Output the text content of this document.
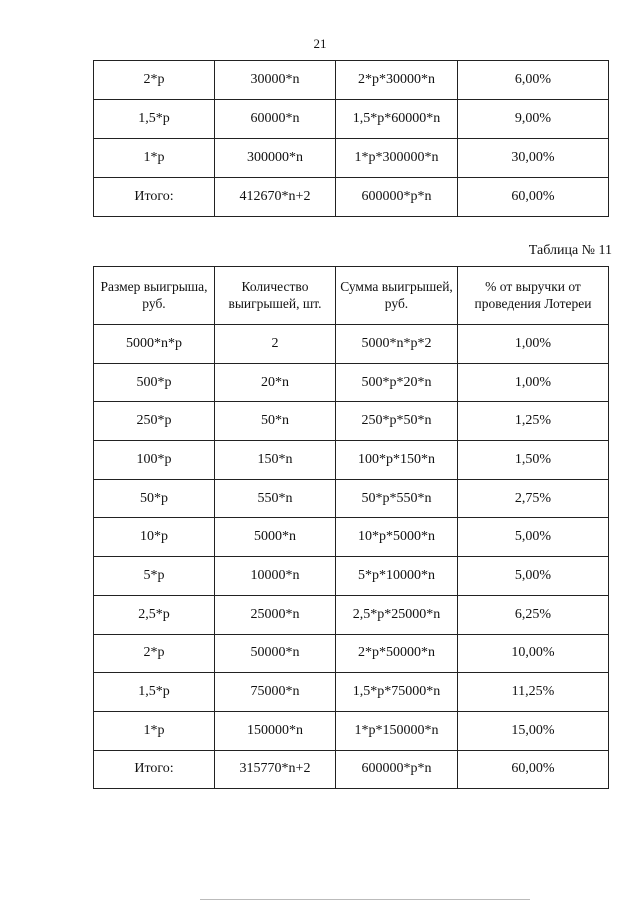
21
2*p	30000*n	2*p*30000*n	6,00%
1,5*p	60000*n	1,5*p*60000*n	9,00%
1*p	300000*n	1*p*300000*n	30,00%
Итого:	412670*n+2	600000*p*n	60,00%
Таблица № 11
Размер выигрыша, руб.	Количество выигрышей, шт.	Сумма выигрышей, руб.	% от выручки от проведения Лотереи
5000*n*p	2	5000*n*p*2	1,00%
500*p	20*n	500*p*20*n	1,00%
250*p	50*n	250*p*50*n	1,25%
100*p	150*n	100*p*150*n	1,50%
50*p	550*n	50*p*550*n	2,75%
10*p	5000*n	10*p*5000*n	5,00%
5*p	10000*n	5*p*10000*n	5,00%
2,5*p	25000*n	2,5*p*25000*n	6,25%
2*p	50000*n	2*p*50000*n	10,00%
1,5*p	75000*n	1,5*p*75000*n	11,25%
1*p	150000*n	1*p*150000*n	15,00%
Итого:	315770*n+2	600000*p*n	60,00%
